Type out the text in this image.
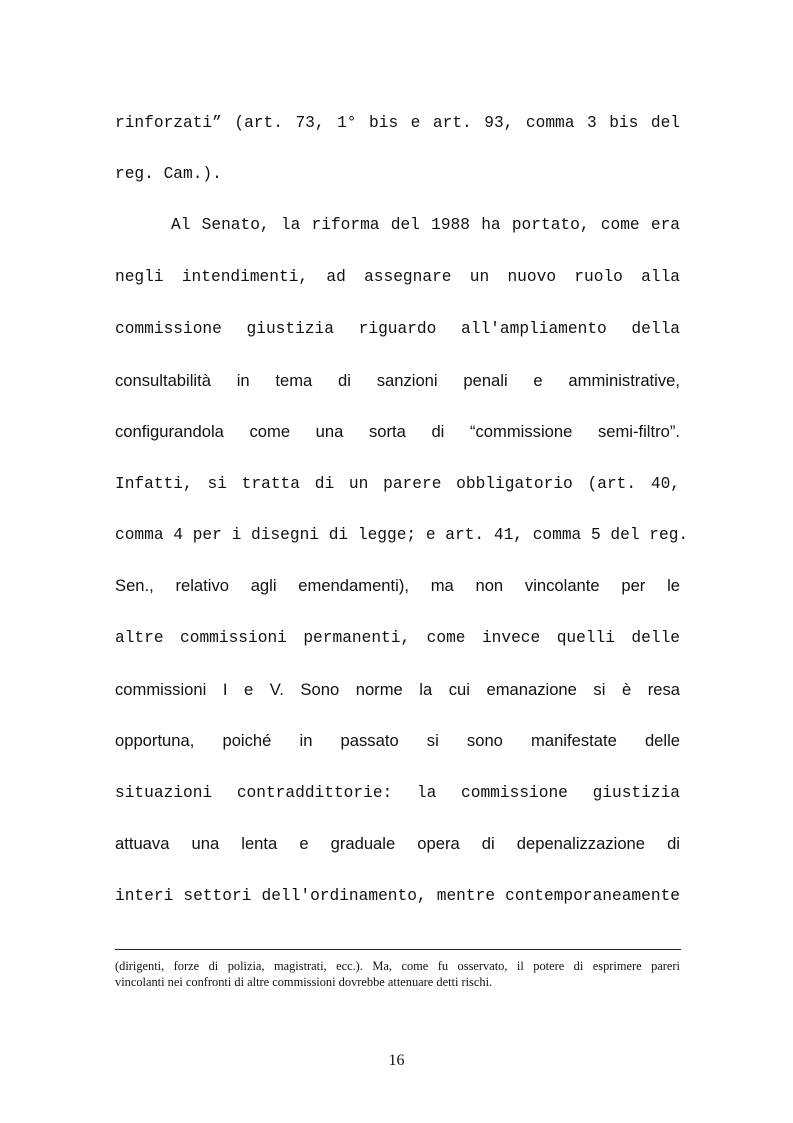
rinforzati” (art. 73, 1° bis e art. 93, comma 3 bis del
reg. Cam.).
Al Senato, la riforma del 1988 ha portato, come era
negli intendimenti, ad assegnare un nuovo ruolo alla
commissione giustizia riguardo all'ampliamento della
consultabilità in tema di sanzioni penali e amministrative,
configurandola come una sorta di “commissione semi-filtro”.
Infatti, si tratta di un parere obbligatorio (art. 40,
comma 4 per i disegni di legge; e art. 41, comma 5 del reg.
Sen., relativo agli emendamenti), ma non vincolante per le
altre commissioni permanenti, come invece quelli delle
commissioni I e V. Sono norme la cui emanazione si è resa
opportuna, poiché in passato si sono manifestate delle
situazioni contraddittorie: la commissione giustizia
attuava una lenta e graduale opera di depenalizzazione di
interi settori dell'ordinamento, mentre contemporaneamente
(dirigenti, forze di polizia, magistrati, ecc.). Ma, come fu osservato, il potere di esprimere pareri
vincolanti nei confronti di altre commissioni dovrebbe attenuare detti rischi.
16
